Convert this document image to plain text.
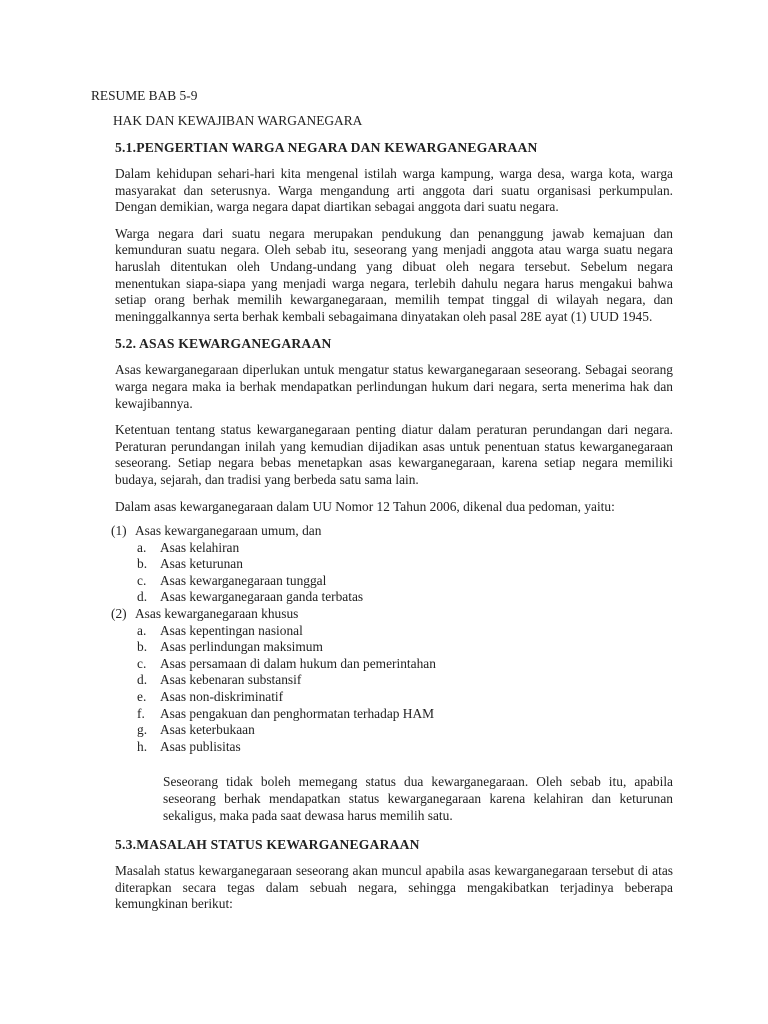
RESUME BAB 5-9
HAK DAN KEWAJIBAN WARGANEGARA
5.1.PENGERTIAN WARGA NEGARA DAN KEWARGANEGARAAN

Dalam kehidupan sehari-hari kita mengenal istilah warga kampung, warga desa, warga kota, warga masyarakat dan seterusnya. Warga mengandung arti anggota dari suatu organisasi perkumpulan. Dengan demikian, warga negara dapat diartikan sebagai anggota dari suatu negara.

Warga negara dari suatu negara merupakan pendukung dan penanggung jawab kemajuan dan kemunduran suatu negara. Oleh sebab itu, seseorang yang menjadi anggota atau warga suatu negara haruslah ditentukan oleh Undang-undang yang dibuat oleh negara tersebut. Sebelum negara menentukan siapa-siapa yang menjadi warga negara, terlebih dahulu negara harus mengakui bahwa setiap orang berhak memilih kewarganegaraan, memilih tempat tinggal di wilayah negara, dan meninggalkannya serta berhak kembali sebagaimana dinyatakan oleh pasal 28E ayat (1) UUD 1945.

5.2. ASAS KEWARGANEGARAAN

Asas kewarganegaraan diperlukan untuk mengatur status kewarganegaraan seseorang. Sebagai seorang warga negara maka ia berhak mendapatkan perlindungan hukum dari negara, serta menerima hak dan kewajibannya.

Ketentuan tentang status kewarganegaraan penting diatur dalam peraturan perundangan dari negara. Peraturan perundangan inilah yang kemudian dijadikan asas untuk penentuan status kewarganegaraan seseorang. Setiap negara bebas menetapkan asas kewarganegaraan, karena setiap negara memiliki budaya, sejarah, dan tradisi yang berbeda satu sama lain.

Dalam asas kewarganegaraan dalam UU Nomor 12 Tahun 2006, dikenal dua pedoman, yaitu:

(1) Asas kewarganegaraan umum, dan
a. Asas kelahiran
b. Asas keturunan
c. Asas kewarganegaraan tunggal
d. Asas kewarganegaraan ganda terbatas
(2) Asas kewarganegaraan khusus
a. Asas kepentingan nasional
b. Asas perlindungan maksimum
c. Asas persamaan di dalam hukum dan pemerintahan
d. Asas kebenaran substansif
e. Asas non-diskriminatif
f. Asas pengakuan dan penghormatan terhadap HAM
g. Asas keterbukaan
h. Asas publisitas

Seseorang tidak boleh memegang status dua kewarganegaraan. Oleh sebab itu, apabila seseorang berhak mendapatkan status kewarganegaraan karena kelahiran dan keturunan sekaligus, maka pada saat dewasa harus memilih satu.

5.3.MASALAH STATUS KEWARGANEGARAAN

Masalah status kewarganegaraan seseorang akan muncul apabila asas kewarganegaraan tersebut di atas diterapkan secara tegas dalam sebuah negara, sehingga mengakibatkan terjadinya beberapa kemungkinan berikut:
